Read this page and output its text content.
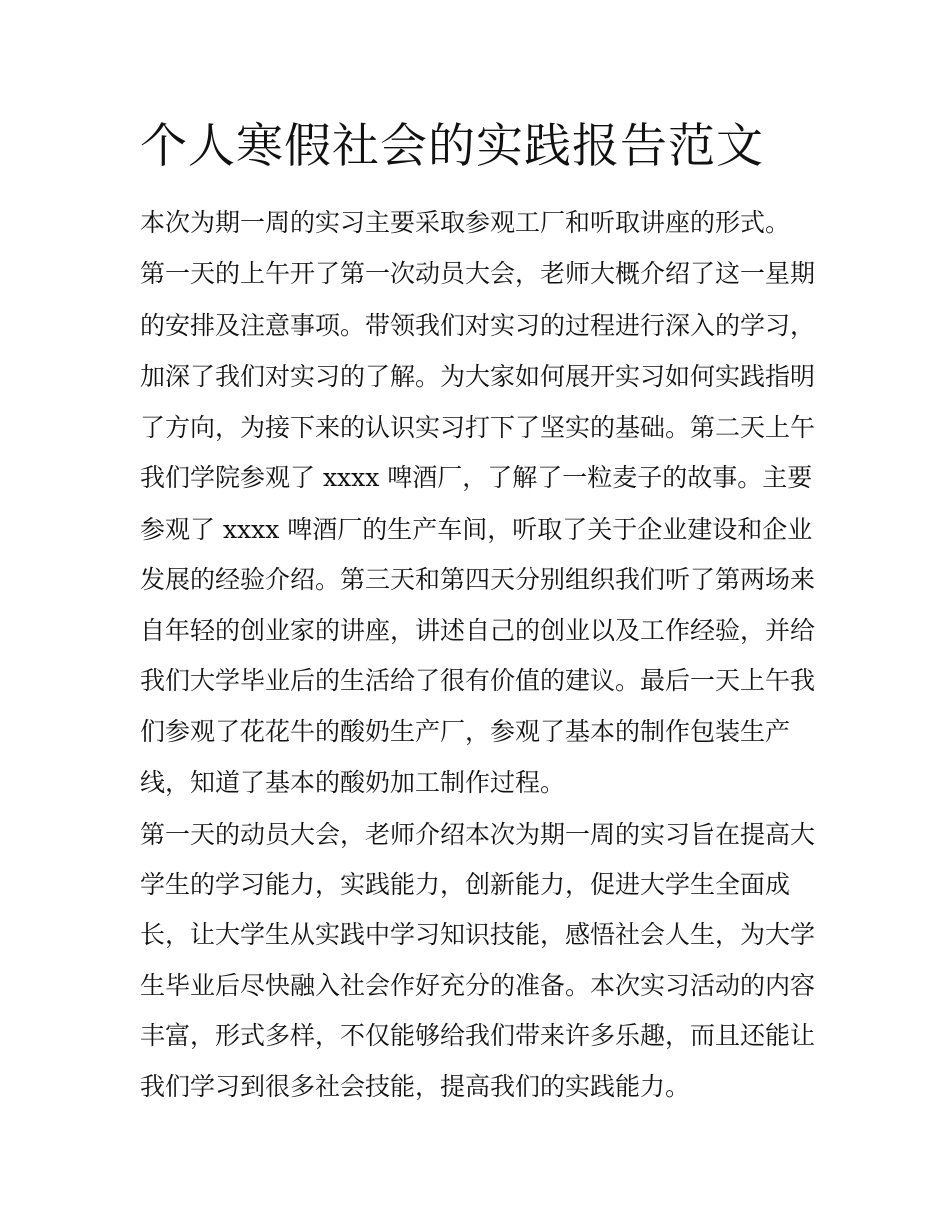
个人寒假社会的实践报告范文

本次为期一周的实习主要采取参观工厂和听取讲座的形式。

第一天的上午开了第一次动员大会，老师大概介绍了这一星期

的安排及注意事项。带领我们对实习的过程进行深入的学习，

加深了我们对实习的了解。为大家如何展开实习如何实践指明

了方向，为接下来的认识实习打下了坚实的基础。第二天上午

我们学院参观了 xxxx 啤酒厂，了解了一粒麦子的故事。主要

参观了 xxxx 啤酒厂的生产车间，听取了关于企业建设和企业

发展的经验介绍。第三天和第四天分别组织我们听了第两场来

自年轻的创业家的讲座，讲述自己的创业以及工作经验，并给

我们大学毕业后的生活给了很有价值的建议。最后一天上午我

们参观了花花牛的酸奶生产厂，参观了基本的制作包装生产

线，知道了基本的酸奶加工制作过程。

第一天的动员大会，老师介绍本次为期一周的实习旨在提高大

学生的学习能力，实践能力，创新能力，促进大学生全面成

长，让大学生从实践中学习知识技能，感悟社会人生，为大学

生毕业后尽快融入社会作好充分的准备。本次实习活动的内容

丰富，形式多样，不仅能够给我们带来许多乐趣，而且还能让

我们学习到很多社会技能，提高我们的实践能力。
